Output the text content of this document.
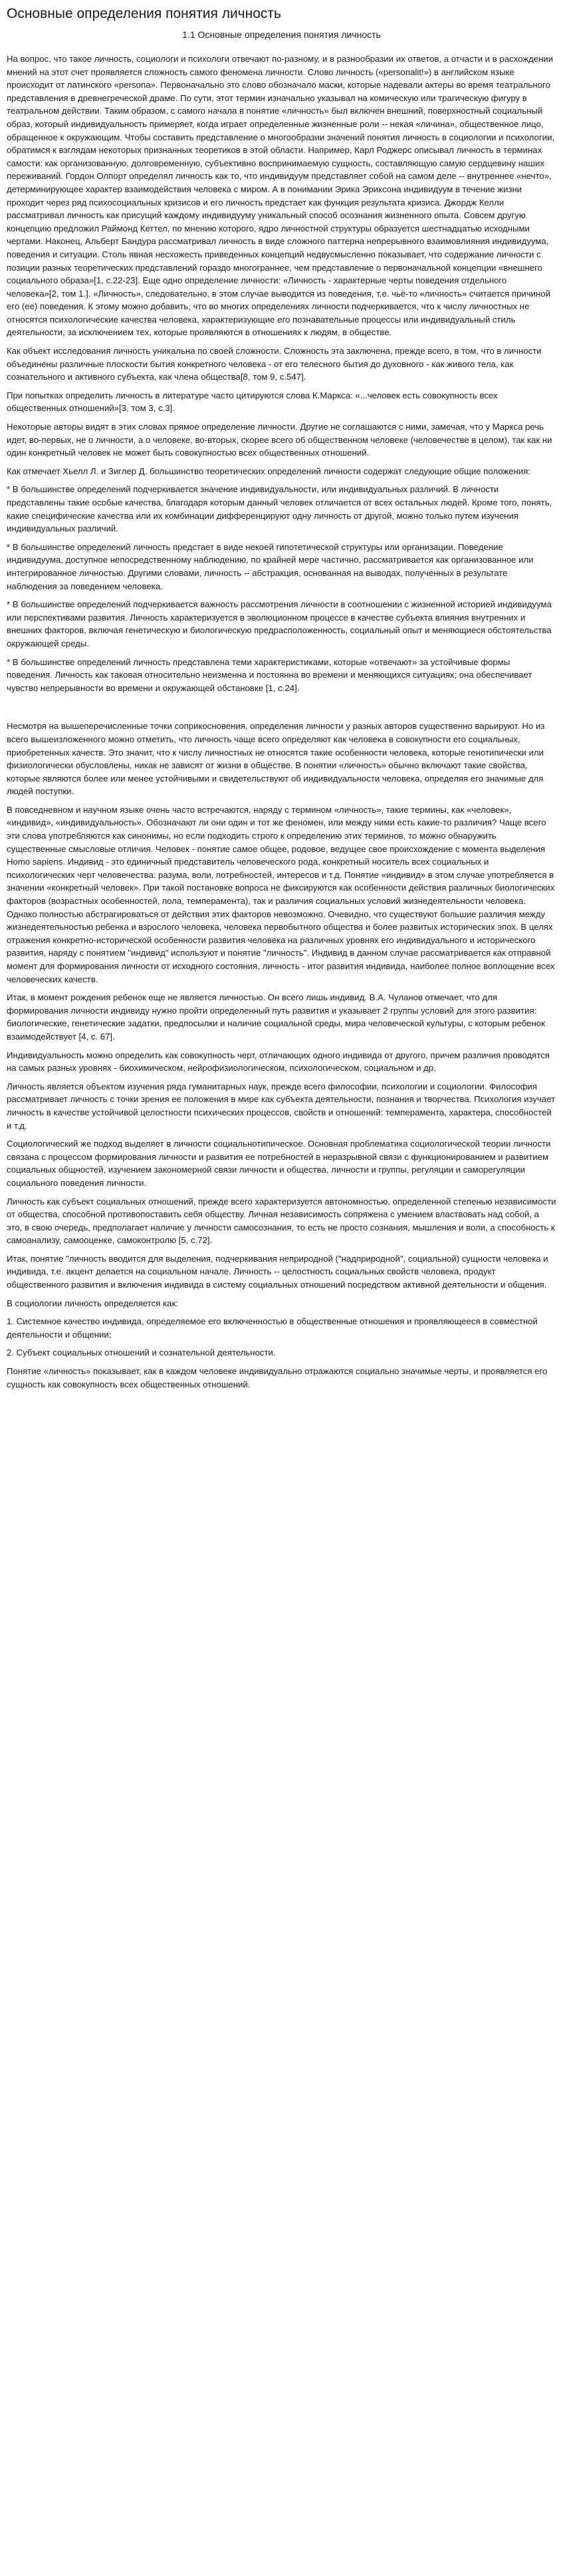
Основные определения понятия личность
1.1 Основные определения понятия личность

На вопрос, что такое личность, социологи и психологи отвечают по-разному, и в разнообразии их ответов, а отчасти и в расхождении мнений на этот счет проявляется сложность самого феномена личности. Слово личность («personalit!») в английском языке происходит от латинского «persona». Первоначально это слово обозначало маски, которые надевали актеры во время театрального представления в древнегреческой драме. По сути, этот термин изначально указывал на комическую или трагическую фигуру в театральном действии. Таким образом, с самого начала в понятие «личность» был включен внешний, поверхностный социальный образ, который индивидуальность примеряет, когда играет определенные жизненные роли -- некая «личина», общественное лицо, обращенное к окружающим. Чтобы составить представление о многообразии значений понятия личность в социологии и психологии, обратимся к взглядам некоторых признанных теоретиков в этой области. Например, Карл Роджерс описывал личность в терминах самости: как организованную, долговременную, субъективно воспринимаемую сущность, составляющую самую сердцевину наших переживаний. Гордон Олпорт определял личность как то, что индивидуум представляет собой на самом деле -- внутреннее «нечто», детерминирующее характер взаимодействия человека с миром. А в понимании Эрика Эриксона индивидуум в течение жизни проходит через ряд психосоциальных кризисов и его личность предстает как функция результата кризиса. Джордж Келли рассматривал личность как присущий каждому индивидууму уникальный способ осознания жизненного опыта. Совсем другую концепцию предложил Раймонд Кеттел, по мнению которого, ядро личностной структуры образуется шестнадцатью исходными чертами. Наконец, Альберт Бандура рассматривал личность в виде сложного паттерна непрерывного взаимовлияния индивидуума, поведения и ситуации. Столь явная несхожесть приведенных концепций недвусмысленно показывает, что содержание личности с позиции разных теоретических представлений гораздо многограннее, чем представление о первоначальной концепции «внешнего социального образа»[1, с.22-23]. Еще одно определение личности: «Личность - характерные черты поведения отдельного человека»[2, том 1.]. «Личность», следовательно, в этом случае выводится из поведения, т.е. чьё-то «личность» считается причиной его (ее) поведения. К этому можно добавить, что во многих определениях личности подчеркивается, что к числу личностных не относятся психологические качества человека, характеризующие его познавательные процессы или индивидуальный стиль деятельности, за исключением тех, которые проявляются в отношениях к людям, в обществе.

Как объект исследования личность уникальна по своей сложности. Сложность эта заключена, прежде всего, в том, что в личности объединены различные плоскости бытия конкретного человека - от его телесного бытия до духовного - как живого тела, как сознательного и активного субъекта, как члена общества[8, том 9, с.547].

При попытках определить личность в литературе часто цитируются слова К.Маркса: «...человек есть совокупность всех общественных отношений»[3, том 3, с.3].

Некоторые авторы видят в этих словах прямое определение личности. Другие не соглашаются с ними, замечая, что у Маркса речь идет, во-первых, не о личности, а о человеке, во-вторых, скорее всего об общественном человеке (человечестве в целом), так как ни один конкретный человек не может быть совокупностью всех общественных отношений.

Как отмечает Хьелл Л. и Зиглер Д. большинство теоретических определений личности содержат следующие общие положения:

* В большинстве определений подчеркивается значение индивидуальности, или индивидуальных различий. В личности представлены такие особые качества, благодаря которым данный человек отличается от всех остальных людей. Кроме того, понять, какие специфические качества или их комбинации дифференцируют одну личность от другой, можно только путем изучения индивидуальных различий.

* В большинстве определений личность предстает в виде некоей гипотетической структуры или организации. Поведение индивидуума, доступное непосредственному наблюдению, по крайней мере частично, рассматривается как организованное или интегрированное личностью. Другими словами, личность -- абстракция, основанная на выводах, полученных в результате наблюдения за поведением человека.

* В большинстве определений подчеркивается важность рассмотрения личности в соотношении с жизненной историей индивидуума или перспективами развития. Личность характеризуется в эволюционном процессе в качестве субъекта влияния внутренних и внешних факторов, включая генетическую и биологическую предрасположенность, социальный опыт и меняющиеся обстоятельства окружающей среды.

* В большинстве определений личность представлена теми характеристиками, которые «отвечают» за устойчивые формы поведения. Личность как таковая относительно неизменна и постоянна во времени и меняющихся ситуациях; она обеспечивает чувство непрерывности во времени и окружающей обстановке [1, с.24].

Несмотря на вышеперечисленные точки соприкосновения, определения личности у разных авторов существенно варьируют. Но из всего вышеизложенного можно отметить, что личность чаще всего определяют как человека в совокупности его социальных, приобретенных качеств. Это значит, что к числу личностных не относятся такие особенности человека, которые генотипически или физиологически обусловлены, никак не зависят от жизни в обществе. В понятии «личность» обычно включают такие свойства, которые являются более или менее устойчивыми и свидетельствуют об индивидуальности человека, определяя его значимые для людей поступки.

В повседневном и научном языке очень часто встречаются, наряду с термином «личность», такие термины, как «человек», «индивид», «индивидуальность». Обозначают ли они один и тот же феномен, или между ними есть какие-то различия? Чаще всего эти слова употребляются как синонимы, но если подходить строго к определению этих терминов, то можно обнаружить существенные смысловые отличия. Человек - понятие самое общее, родовое, ведущее свое происхождение с момента выделения Homo sapiens. Индивид - это единичный представитель человеческого рода, конкретный носитель всех социальных и психологических черт человечества: разума, воли, потребностей, интересов и т.д. Понятие «индивид» в этом случае употребляется в значении «конкретный человек». При такой постановке вопроса не фиксируются как особенности действия различных биологических факторов (возрастных особенностей, пола, темперамента), так и различия социальных условий жизнедеятельности человека. Однако полностью абстрагироваться от действия этих факторов невозможно. Очевидно, что существуют большие различия между жизнедеятельностью ребенка и взрослого человека, человека первобытного общества и более развитых исторических эпох. В целях отражения конкретно-исторической особенности развития человека на различных уровнях его индивидуального и исторического развития, наряду с понятием "индивид" используют и понятие "личность". Индивид в данном случае рассматривается как отправной момент для формирования личности от исходного состояния, личность - итог развития индивида, наиболее полное воплощение всех человеческих качеств.

Итак, в момент рождения ребенок еще не является личностью. Он всего лишь индивид. В.А. Чуланов отмечает, что для формирования личности индивиду нужно пройти определенный путь развития и указывает 2 группы условий для этого развития: биологические, генетические задатки, предпосылки и наличие социальной среды, мира человеческой культуры, с которым ребенок взаимодействует [4, с. 67].

Индивидуальность можно определить как совокупность черт, отличающих одного индивида от другого, причем различия проводятся на самых разных уровнях - биохимическом, нейрофизиологическом, психологическом, социальном и др.

Личность является объектом изучения ряда гуманитарных наук, прежде всего философии, психологии и социологии. Философия рассматривает личность с точки зрения ее положения в мире как субъекта деятельности, познания и творчества. Психология изучает личность в качестве устойчивой целостности психических процессов, свойств и отношений: темперамента, характера, способностей и т.д.

Социологический же подход выделяет в личности социальнотипическое. Основная проблематика социологической теории личности связана с процессом формирования личности и развития ее потребностей в неразрывной связи с функционированием и развитием социальных общностей, изучением закономерной связи личности и общества, личности и группы, регуляции и саморегуляции социального поведения личности.

Личность как субъект социальных отношений, прежде всего характеризуется автономностью, определенной степенью независимости от общества, способной противопоставить себя обществу. Личная независимость сопряжена с умением властвовать над собой, а это, в свою очередь, предполагает наличие у личности самосознания, то есть не просто сознания, мышления и воли, а способность к самоанализу, самооценке, самоконтролю [5, с.72].

Итак, понятие "личность вводится для выделения, подчеркивания неприродной ("надприродной", социальной) сущности человека и индивида, т.е. акцент делается на социальном начале. Личность -- целостность социальных свойств человека, продукт общественного развития и включения индивида в систему социальных отношений посредством активной деятельности и общения.

В социологии личность определяется как:

1. Системное качество индивида, определяемое его включенностью в общественные отношения и проявляющееся в совместной деятельности и общении;

2. Субъект социальных отношений и сознательной деятельности.

Понятие «личность» показывает, как в каждом человеке индивидуально отражаются социально значимые черты, и проявляется его сущность как совокупность всех общественных отношений.
